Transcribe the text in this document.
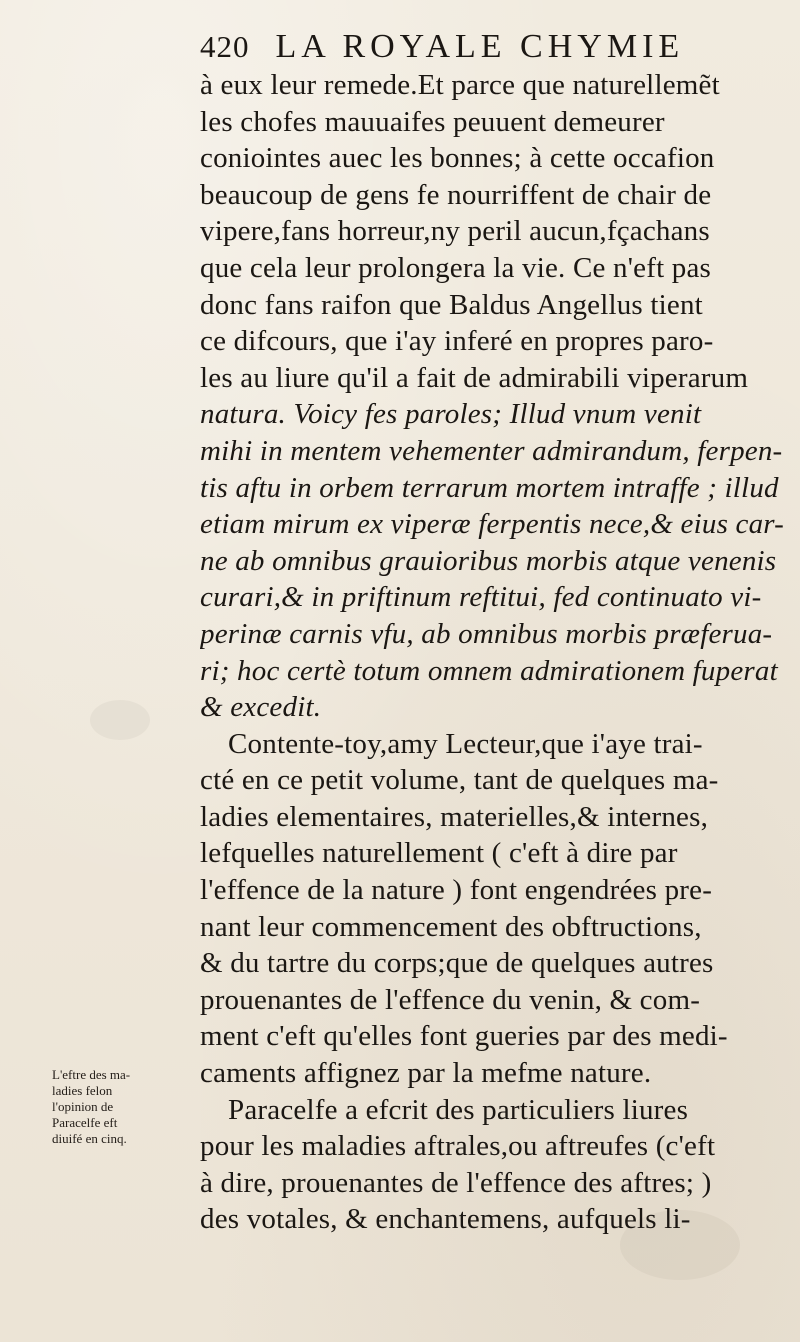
420 LA ROYALE CHYMIE
à eux leur remede.Et parce que naturellemẽt
les chofes mauuaifes peuuent demeurer
coniointes auec les bonnes; à cette occafion
beaucoup de gens fe nourriffent de chair de
vipere,fans horreur,ny peril aucun,fçachans
que cela leur prolongera la vie. Ce n'eft pas
donc fans raifon que Baldus Angellus tient
ce difcours, que i'ay inferé en propres paro-
les au liure qu'il a fait de admirabili viperarum
natura. Voicy fes paroles; Illud vnum venit
mihi in mentem vehementer admirandum, ferpen-
tis aftu in orbem terrarum mortem intraffe ; illud
etiam mirum ex viperæ ferpentis nece,& eius car-
ne ab omnibus grauioribus morbis atque venenis
curari,& in priftinum reftitui, fed continuato vi-
perinæ carnis vfu, ab omnibus morbis præferua-
ri; hoc certè totum omnem admirationem fuperat
& excedit.
Contente-toy,amy Lecteur,que i'aye trai-
cté en ce petit volume, tant de quelques ma-
ladies elementaires, materielles,& internes,
lefquelles naturellement ( c'eft à dire par
l'effence de la nature ) font engendrées pre-
nant leur commencement des obftructions,
& du tartre du corps;que de quelques autres
prouenantes de l'effence du venin, & com-
ment c'eft qu'elles font gueries par des medi-
caments affignez par la mefme nature.
Paracelfe a efcrit des particuliers liures
pour les maladies aftrales,ou aftreufes (c'eft
à dire, prouenantes de l'effence des aftres; )
des votales, & enchantemens, aufquels li-
L'eftre des ma-
ladies felon
l'opinion de
Paracelfe eft
diuifé en cinq.
